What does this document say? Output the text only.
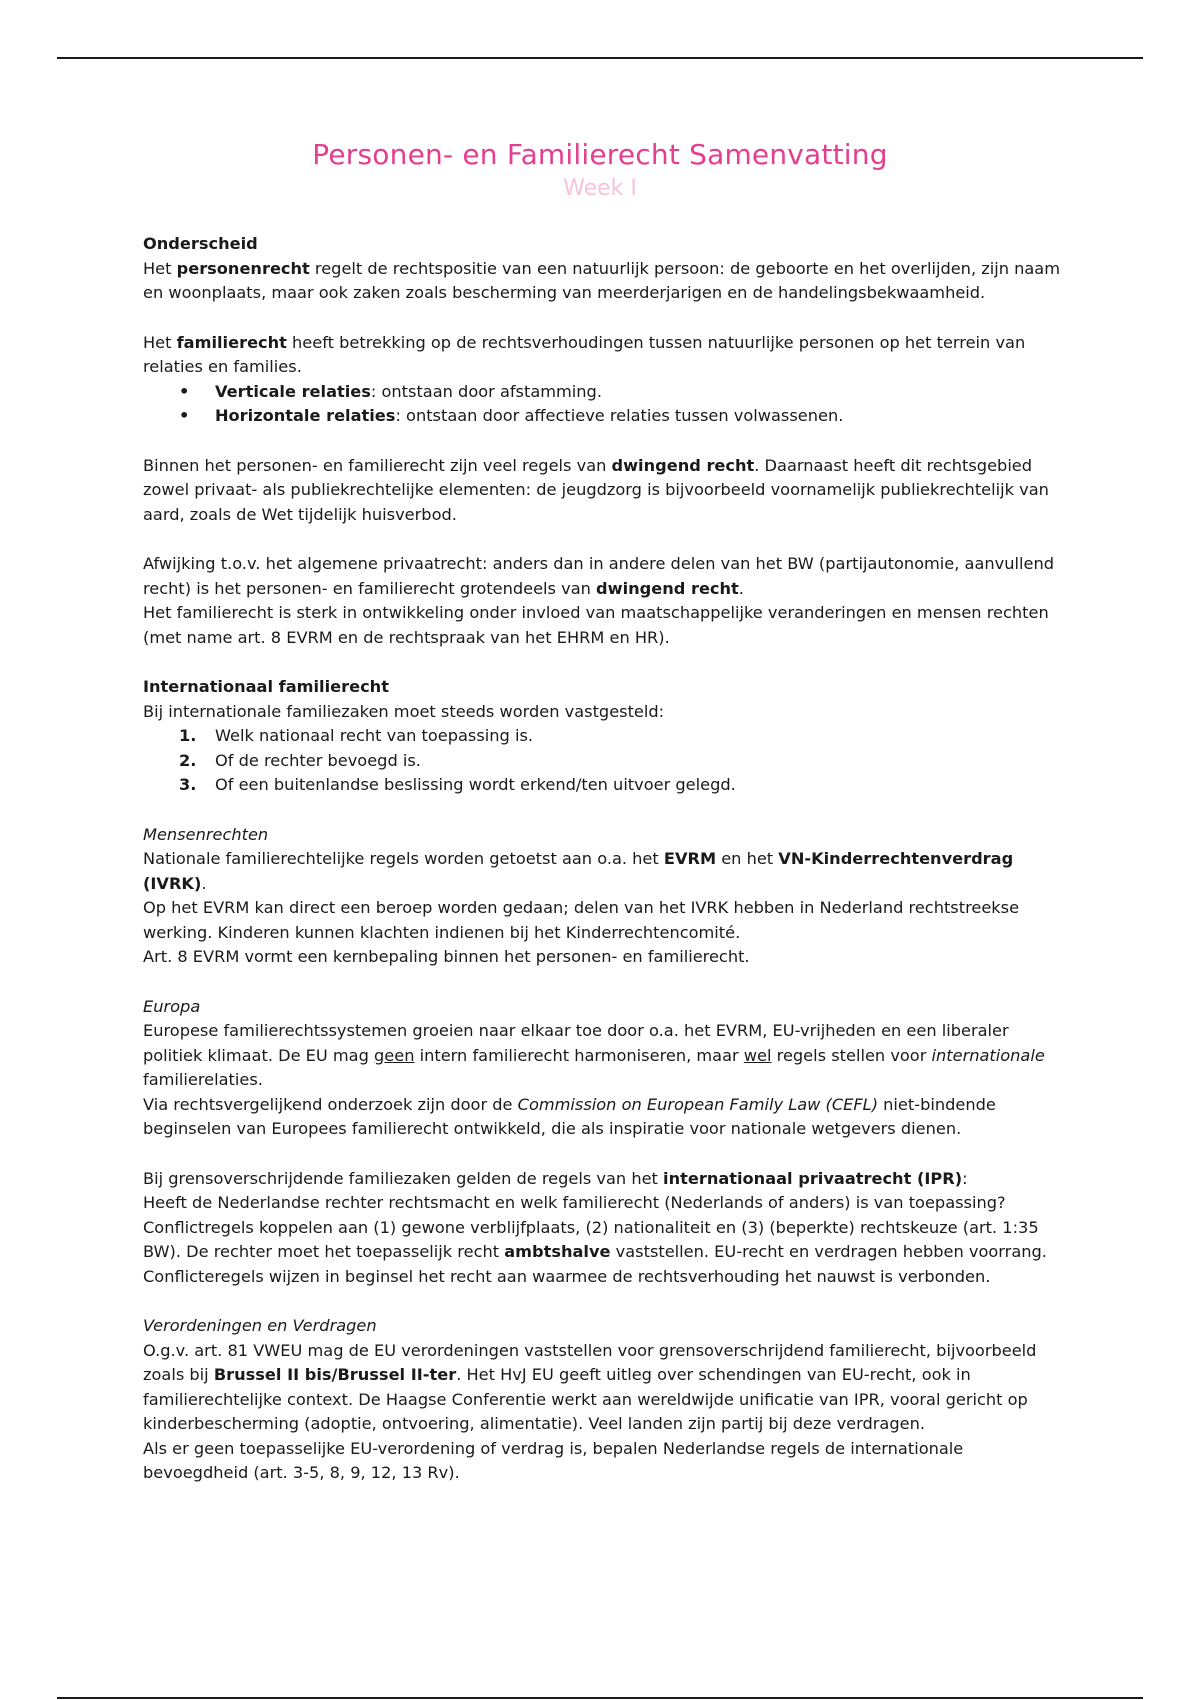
Personen- en Familierecht Samenvatting
Week I

Onderscheid

Het personenrecht regelt de rechtspositie van een natuurlijk persoon: de geboorte en het overlijden, zijn naam en woonplaats, maar ook zaken zoals bescherming van meerderjarigen en de handelingsbekwaamheid.

Het familierecht heeft betrekking op de rechtsverhoudingen tussen natuurlijke personen op het terrein van relaties en families.

• Verticale relaties: ontstaan door afstamming.
• Horizontale relaties: ontstaan door affectieve relaties tussen volwassenen.

Binnen het personen- en familierecht zijn veel regels van dwingend recht. Daarnaast heeft dit rechtsgebied zowel privaat- als publiekrechtelijke elementen: de jeugdzorg is bijvoorbeeld voornamelijk publiekrechtelijk van aard, zoals de Wet tijdelijk huisverbod.

Afwijking t.o.v. het algemene privaatrecht: anders dan in andere delen van het BW (partijautonomie, aanvullend recht) is het personen- en familierecht grotendeels van dwingend recht.

Het familierecht is sterk in ontwikkeling onder invloed van maatschappelijke veranderingen en mensen rechten (met name art. 8 EVRM en de rechtspraak van het EHRM en HR).

Internationaal familierecht

Bij internationale familiezaken moet steeds worden vastgesteld:

1. Welk nationaal recht van toepassing is.
2. Of de rechter bevoegd is.
3. Of een buitenlandse beslissing wordt erkend/ten uitvoer gelegd.

Mensenrechten

Nationale familierechtelijke regels worden getoetst aan o.a. het EVRM en het VN-Kinderrechtenverdrag (IVRK).

Op het EVRM kan direct een beroep worden gedaan; delen van het IVRK hebben in Nederland rechtstreekse werking. Kinderen kunnen klachten indienen bij het Kinderrechtencomité.

Art. 8 EVRM vormt een kernbepaling binnen het personen- en familierecht.

Europa

Europese familierechtssystemen groeien naar elkaar toe door o.a. het EVRM, EU-vrijheden en een liberaler politiek klimaat. De EU mag geen intern familierecht harmoniseren, maar wel regels stellen voor internationale familierelaties.

Via rechtsvergelijkend onderzoek zijn door de Commission on European Family Law (CEFL) niet-bindende beginselen van Europees familierecht ontwikkeld, die als inspiratie voor nationale wetgevers dienen.

Bij grensoverschrijdende familiezaken gelden de regels van het internationaal privaatrecht (IPR):

Heeft de Nederlandse rechter rechtsmacht en welk familierecht (Nederlands of anders) is van toepassing?

Conflictregels koppelen aan (1) gewone verblijfplaats, (2) nationaliteit en (3) (beperkte) rechtskeuze (art. 1:35 BW). De rechter moet het toepasselijk recht ambtshalve vaststellen. EU-recht en verdragen hebben voorrang.

Conflicteregels wijzen in beginsel het recht aan waarmee de rechtsverhouding het nauwst is verbonden.

Verordeningen en Verdragen

O.g.v. art. 81 VWEU mag de EU verordeningen vaststellen voor grensoverschrijdend familierecht, bijvoorbeeld zoals bij Brussel II bis/Brussel II-ter. Het HvJ EU geeft uitleg over schendingen van EU-recht, ook in familierechtelijke context. De Haagse Conferentie werkt aan wereldwijde unificatie van IPR, vooral gericht op kinderbescherming (adoptie, ontvoering, alimentatie). Veel landen zijn partij bij deze verdragen.

Als er geen toepasselijke EU-verordening of verdrag is, bepalen Nederlandse regels de internationale bevoegdheid (art. 3-5, 8, 9, 12, 13 Rv).
